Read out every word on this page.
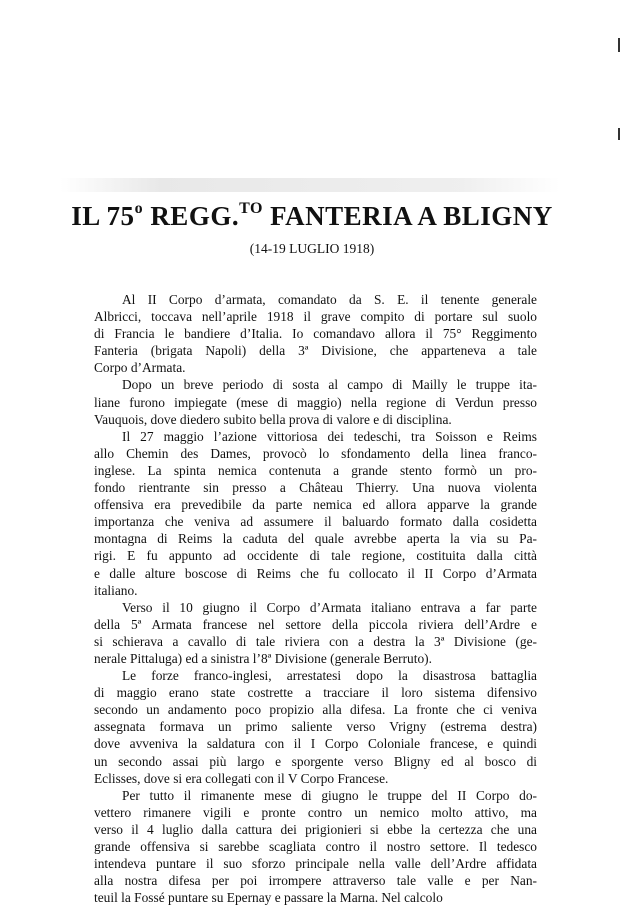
IL 75$^o$ REGG.$^{TO}$ FANTERIA A BLIGNY
(14-19 LUGLIO 1918)
Al II Corpo d’armata, comandato da S. E. il tenente generale
Albricci, toccava nell’aprile 1918 il grave compito di portare sul suolo
di Francia le bandiere d’Italia. Io comandavo allora il 75° Reggimento
Fanteria (brigata Napoli) della 3ª Divisione, che apparteneva a tale
Corpo d’Armata.
Dopo un breve periodo di sosta al campo di Mailly le truppe ita-
liane furono impiegate (mese di maggio) nella regione di Verdun presso
Vauquois, dove diedero subito bella prova di valore e di disciplina.
Il 27 maggio l’azione vittoriosa dei tedeschi, tra Soisson e Reims
allo Chemin des Dames, provocò lo sfondamento della linea franco-
inglese. La spinta nemica contenuta a grande stento formò un pro-
fondo rientrante sin presso a Château Thierry. Una nuova violenta
offensiva era prevedibile da parte nemica ed allora apparve la grande
importanza che veniva ad assumere il baluardo formato dalla cosidetta
montagna di Reims la caduta del quale avrebbe aperta la via su Pa-
rigi. E fu appunto ad occidente di tale regione, costituita dalla città
e dalle alture boscose di Reims che fu collocato il II Corpo d’Armata
italiano.
Verso il 10 giugno il Corpo d’Armata italiano entrava a far parte
della 5ª Armata francese nel settore della piccola riviera dell’Ardre e
si schierava a cavallo di tale riviera con a destra la 3ª Divisione (ge-
nerale Pittaluga) ed a sinistra l’8ª Divisione (generale Berruto).
Le forze franco-inglesi, arrestatesi dopo la disastrosa battaglia
di maggio erano state costrette a tracciare il loro sistema difensivo
secondo un andamento poco propizio alla difesa. La fronte che ci veniva
assegnata formava un primo saliente verso Vrigny (estrema destra)
dove avveniva la saldatura con il I Corpo Coloniale francese, e quindi
un secondo assai più largo e sporgente verso Bligny ed al bosco di
Eclisses, dove si era collegati con il V Corpo Francese.
Per tutto il rimanente mese di giugno le truppe del II Corpo do-
vettero rimanere vigili e pronte contro un nemico molto attivo, ma
verso il 4 luglio dalla cattura dei prigionieri si ebbe la certezza che una
grande offensiva si sarebbe scagliata contro il nostro settore. Il tedesco
intendeva puntare il suo sforzo principale nella valle dell’Ardre affidata
alla nostra difesa per poi irrompere attraverso tale valle e per Nan-
teuil la Fossé puntare su Epernay e passare la Marna. Nel calcolo
